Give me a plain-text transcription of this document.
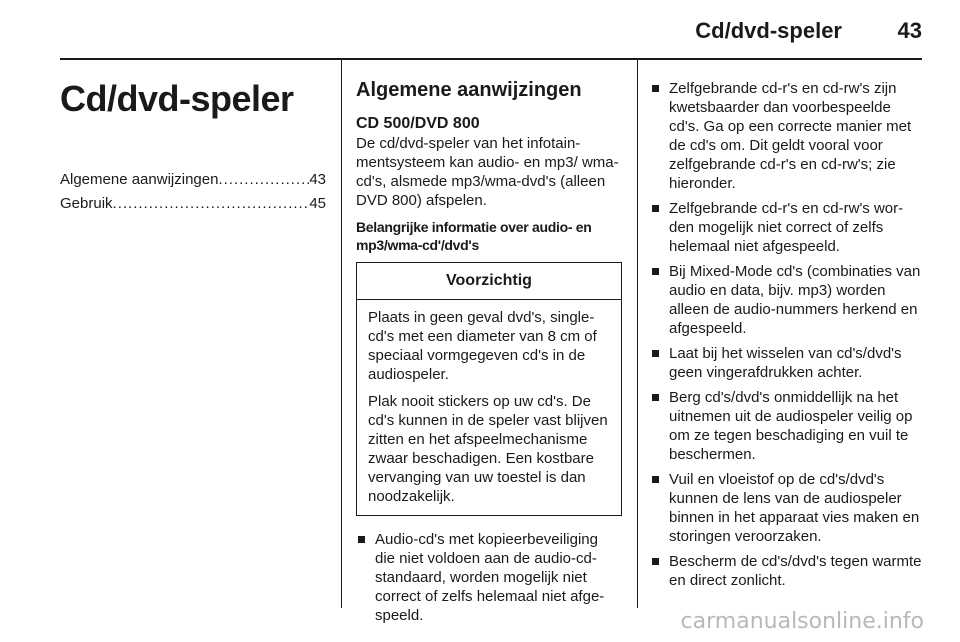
Cd/dvd-speler	43
Cd/dvd-speler
Algemene aanwijzingen .....	43
Gebruik .....	45
Algemene aanwijzingen
CD 500/DVD 800
De cd/dvd-speler van het infotainmentsysteem kan audio- en mp3/ wma-cd's, alsmede mp3/wma-dvd's (alleen DVD 800) afspelen.
Belangrijke informatie over audio- en mp3/wma-cd'/dvd's
Voorzichtig
Plaats in geen geval dvd's, single-cd's met een diameter van 8 cm of speciaal vormgegeven cd's in de audiospeler.
Plak nooit stickers op uw cd's. De cd's kunnen in de speler vast blijven zitten en het afspeelmechanisme zwaar beschadigen. Een kostbare vervanging van uw toestel is dan noodzakelijk.
Audio-cd's met kopieerbeveiliging die niet voldoen aan de audio-cd-standaard, worden mogelijk niet correct of zelfs helemaal niet afgespeeld.
Zelfgebrande cd-r's en cd-rw's zijn kwetsbaarder dan voorbespeelde cd's. Ga op een correcte manier met de cd's om. Dit geldt vooral voor zelfgebrande cd-r's en cd-rw's; zie hieronder.
Zelfgebrande cd-r's en cd-rw's worden mogelijk niet correct of zelfs helemaal niet afgespeeld.
Bij Mixed-Mode cd's (combinaties van audio en data, bijv. mp3) worden alleen de audio-nummers herkend en afgespeeld.
Laat bij het wisselen van cd's/dvd's geen vingerafdrukken achter.
Berg cd's/dvd's onmiddellijk na het uitnemen uit de audiospeler veilig op om ze tegen beschadiging en vuil te beschermen.
Vuil en vloeistof op de cd's/dvd's kunnen de lens van de audiospeler binnen in het apparaat vies maken en storingen veroorzaken.
Bescherm de cd's/dvd's tegen warmte en direct zonlicht.
carmanualsonline.info
